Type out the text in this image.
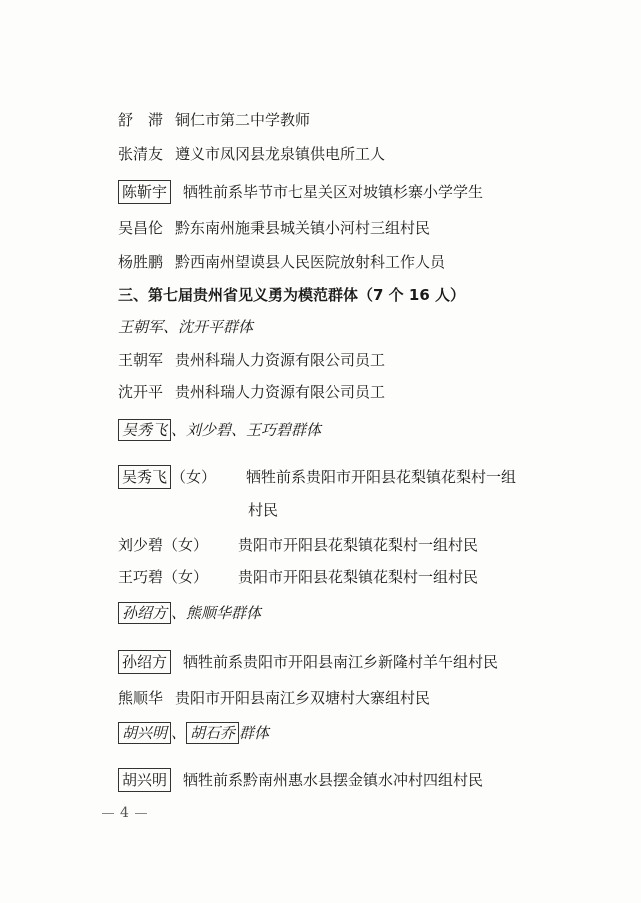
舒　滞 铜仁市第二中学教师
张清友 遵义市凤冈县龙泉镇供电所工人
陈靳宇 牺牲前系毕节市七星关区对坡镇杉寨小学学生
吴昌伦 黔东南州施秉县城关镇小河村三组村民
杨胜鹏 黔西南州望谟县人民医院放射科工作人员
三、第七届贵州省见义勇为模范群体（7 个 16 人）
王朝军、沈开平群体
王朝军 贵州科瑞人力资源有限公司员工
沈开平 贵州科瑞人力资源有限公司员工
吴秀飞 、刘少碧、王巧碧群体
吴秀飞 （女） 牺牲前系贵阳市开阳县花梨镇花梨村一组
村民
刘少碧（女） 贵阳市开阳县花梨镇花梨村一组村民
王巧碧（女） 贵阳市开阳县花梨镇花梨村一组村民
孙绍方 、熊顺华群体
孙绍方 牺牲前系贵阳市开阳县南江乡新隆村羊午组村民
熊顺华 贵阳市开阳县南江乡双塘村大寨组村民
胡兴明 、 胡石乔 群体
胡兴明 牺牲前系黔南州惠水县摆金镇水冲村四组村民
4
